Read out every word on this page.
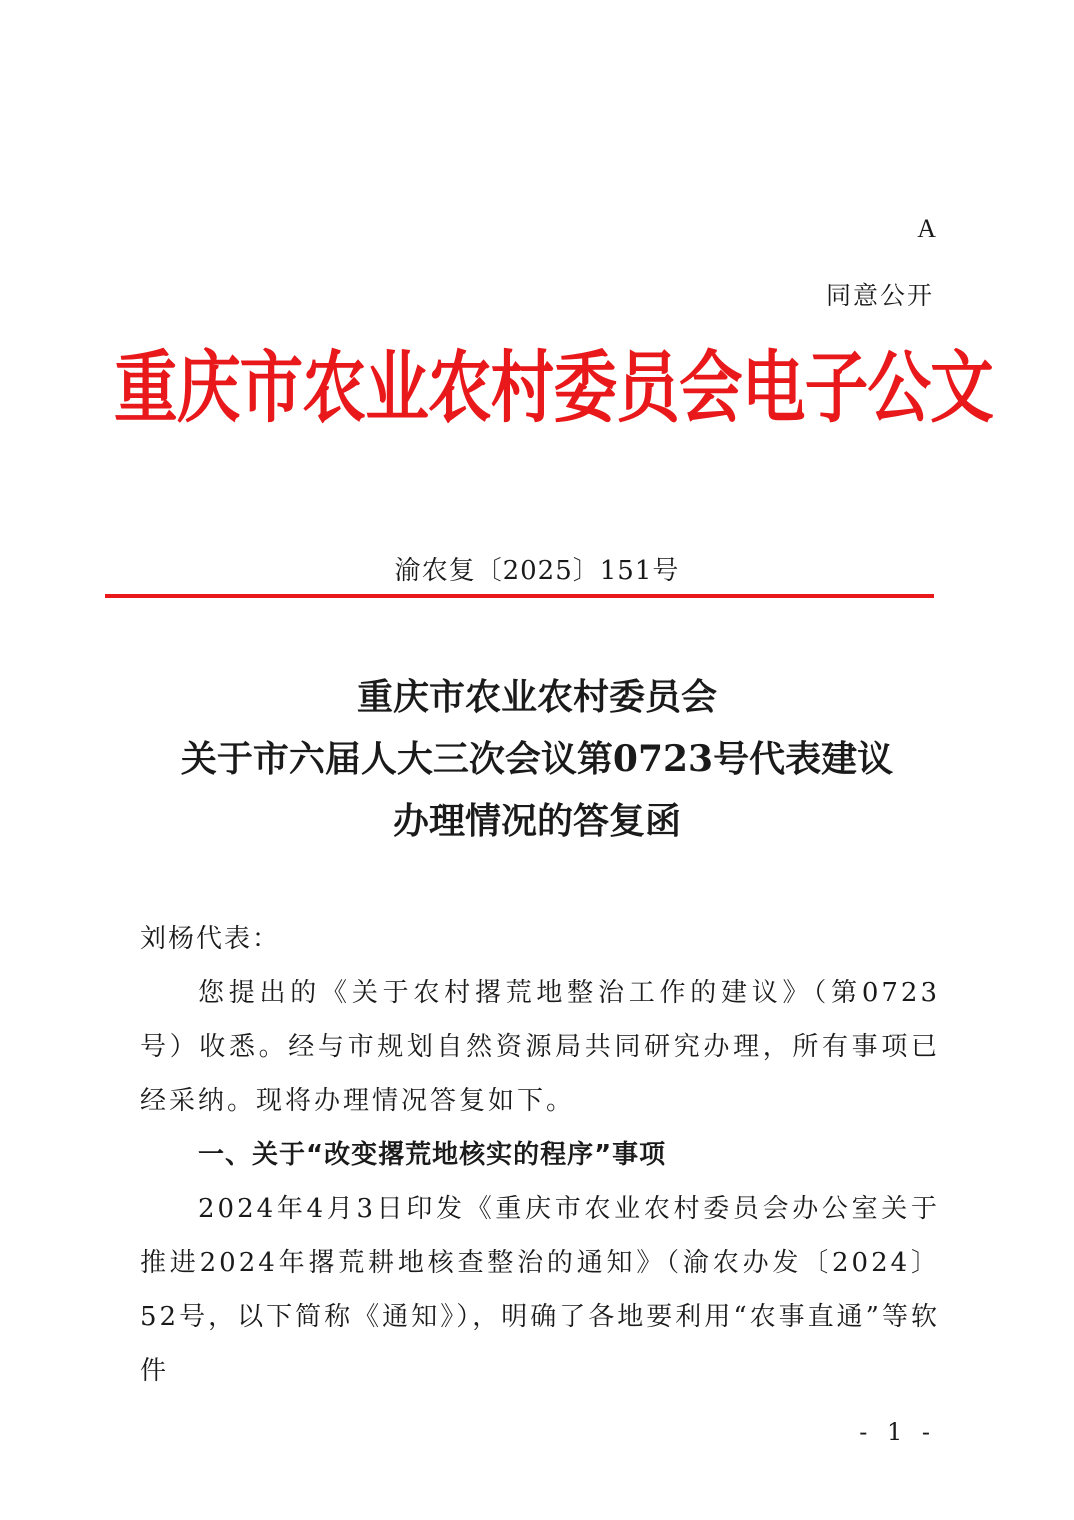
A
同意公开
重庆市农业农村委员会电子公文
渝农复〔2025〕151号
重庆市农业农村委员会
关于市六届人大三次会议第0723号代表建议
办理情况的答复函
刘杨代表：
您提出的《关于农村撂荒地整治工作的建议》（第0723号）收悉。经与市规划自然资源局共同研究办理，所有事项已经采纳。现将办理情况答复如下。
一、关于“改变撂荒地核实的程序”事项
2024年4月3日印发《重庆市农业农村委员会办公室关于推进2024年撂荒耕地核查整治的通知》（渝农办发〔2024〕52号，以下简称《通知》），明确了各地要利用“农事直通”等软件
- 1 -
